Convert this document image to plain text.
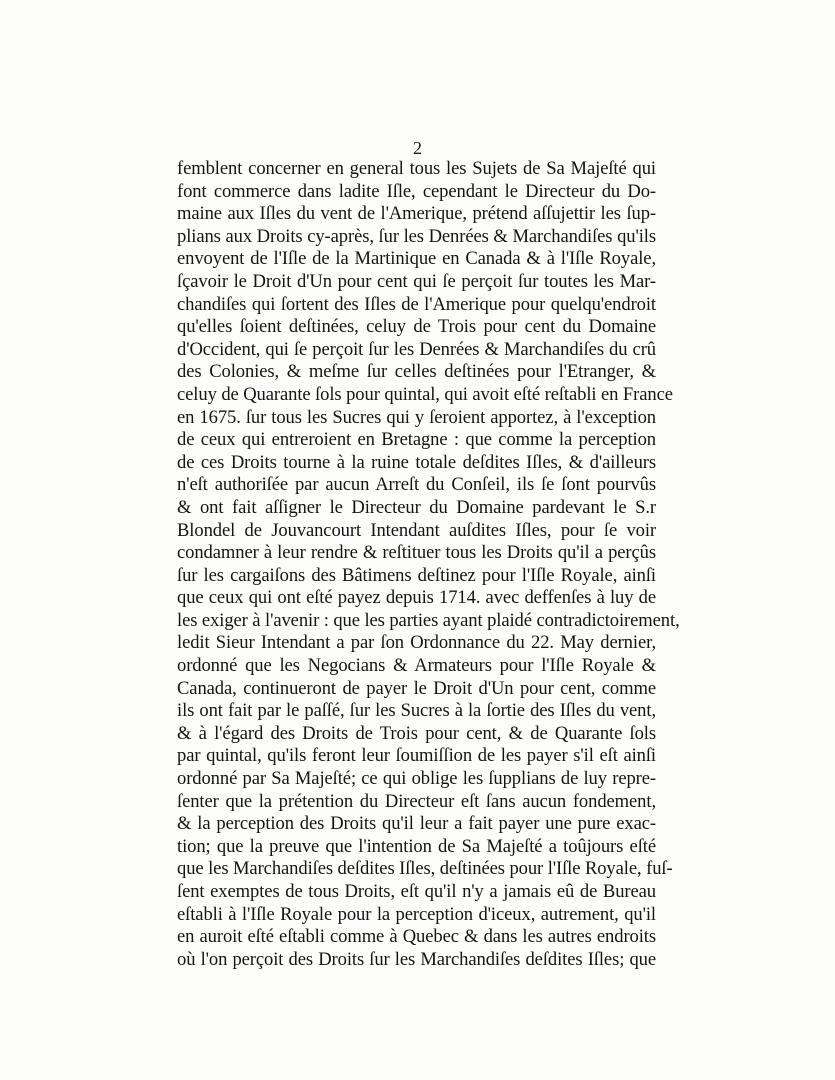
2
femblent concerner en general tous les Sujets de Sa Majeſté qui
font commerce dans ladite Iſle, cependant le Directeur du Do-
maine aux Iſles du vent de l'Amerique, prétend aſſujettir les ſup-
plians aux Droits cy-après, ſur les Denrées & Marchandiſes qu'ils
envoyent de l'Iſle de la Martinique en Canada & à l'Iſle Royale,
ſçavoir le Droit d'Un pour cent qui ſe perçoit ſur toutes les Mar-
chandiſes qui ſortent des Iſles de l'Amerique pour quelqu'endroit
qu'elles ſoient deſtinées, celuy de Trois pour cent du Domaine
d'Occident, qui ſe perçoit ſur les Denrées & Marchandiſes du crû
des Colonies, & meſme ſur celles deſtinées pour l'Etranger, &
celuy de Quarante ſols pour quintal, qui avoit eſté reſtabli en France
en 1675. ſur tous les Sucres qui y ſeroient apportez, à l'exception
de ceux qui entreroient en Bretagne : que comme la perception
de ces Droits tourne à la ruine totale deſdites Iſles, & d'ailleurs
n'eſt authoriſée par aucun Arreſt du Conſeil, ils ſe ſont pourvûs
& ont fait aſſigner le Directeur du Domaine pardevant le S.r
Blondel de Jouvancourt Intendant auſdites Iſles, pour ſe voir
condamner à leur rendre & reſtituer tous les Droits qu'il a perçûs
ſur les cargaiſons des Bâtimens deſtinez pour l'Iſle Royale, ainſi
que ceux qui ont eſté payez depuis 1714. avec deffenſes à luy de
les exiger à l'avenir : que les parties ayant plaidé contradictoirement,
ledit Sieur Intendant a par ſon Ordonnance du 22. May dernier,
ordonné que les Negocians & Armateurs pour l'Iſle Royale &
Canada, continueront de payer le Droit d'Un pour cent, comme
ils ont fait par le paſſé, ſur les Sucres à la ſortie des Iſles du vent,
& à l'égard des Droits de Trois pour cent, & de Quarante ſols
par quintal, qu'ils feront leur ſoumiſſion de les payer s'il eſt ainſi
ordonné par Sa Majeſté; ce qui oblige les ſupplians de luy repre-
ſenter que la prétention du Directeur eſt ſans aucun fondement,
& la perception des Droits qu'il leur a fait payer une pure exac-
tion; que la preuve que l'intention de Sa Majeſté a toûjours eſté
que les Marchandiſes deſdites Iſles, deſtinées pour l'Iſle Royale, fuſ-
ſent exemptes de tous Droits, eſt qu'il n'y a jamais eû de Bureau
eſtabli à l'Iſle Royale pour la perception d'iceux, autrement, qu'il
en auroit eſté eſtabli comme à Quebec & dans les autres endroits
où l'on perçoit des Droits ſur les Marchandiſes deſdites Iſles; que
